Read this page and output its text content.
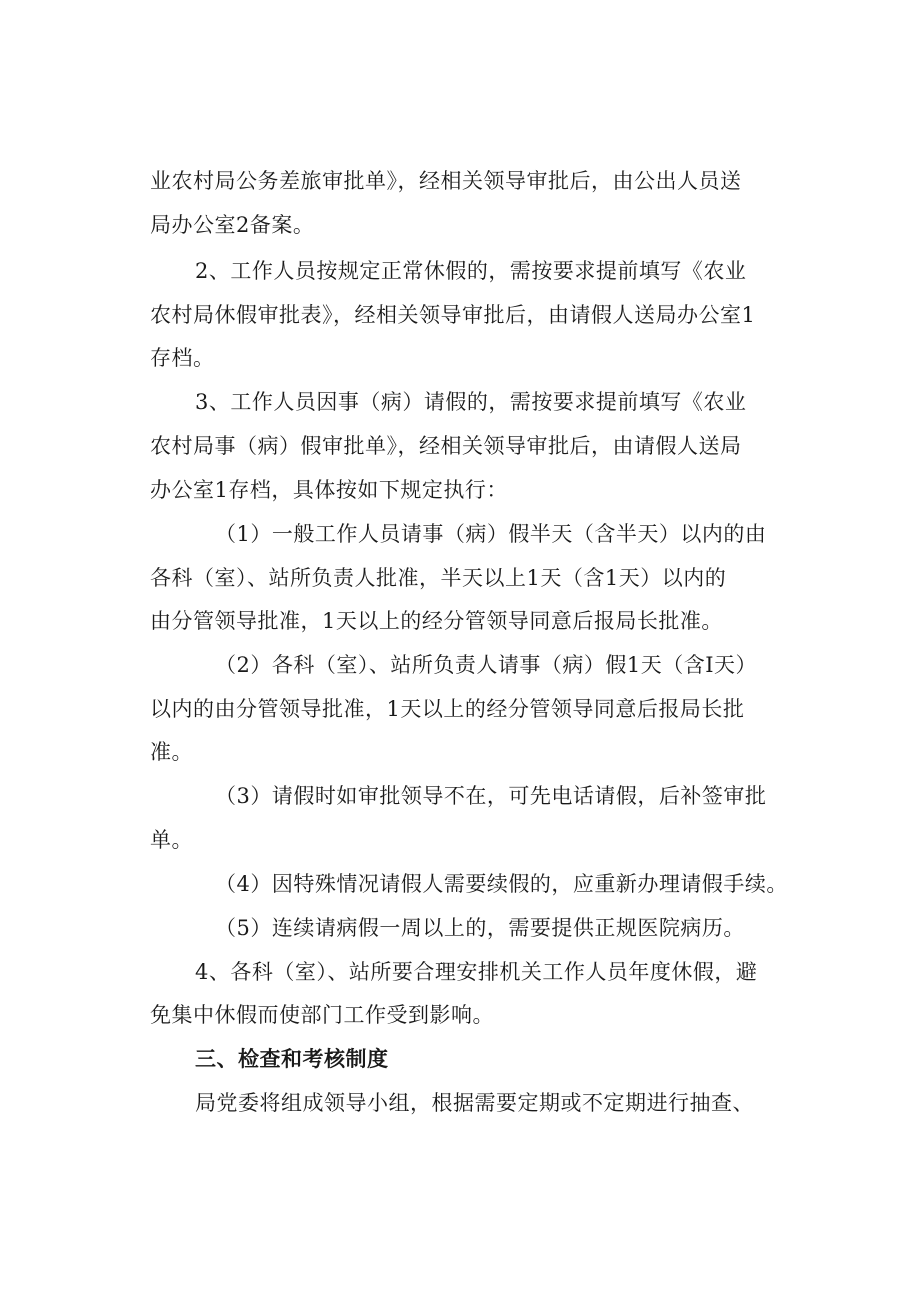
业农村局公务差旅审批单》，经相关领导审批后，由公出人员送
局办公室2备案。
2、工作人员按规定正常休假的，需按要求提前填写《农业
农村局休假审批表》，经相关领导审批后，由请假人送局办公室1
存档。
3、工作人员因事（病）请假的，需按要求提前填写《农业
农村局事（病）假审批单》，经相关领导审批后，由请假人送局
办公室1存档，具体按如下规定执行：
（1）一般工作人员请事（病）假半天（含半天）以内的由
各科（室）、站所负责人批准，半天以上1天（含1天）以内的
由分管领导批准，1天以上的经分管领导同意后报局长批准。
（2）各科（室）、站所负责人请事（病）假1天（含I天）
以内的由分管领导批准，1天以上的经分管领导同意后报局长批
准。
（3）请假时如审批领导不在，可先电话请假，后补签审批
单。
（4）因特殊情况请假人需要续假的，应重新办理请假手续。
（5）连续请病假一周以上的，需要提供正规医院病历。
4、各科（室）、站所要合理安排机关工作人员年度休假，避
免集中休假而使部门工作受到影响。
三、检查和考核制度
局党委将组成领导小组，根据需要定期或不定期进行抽查、
